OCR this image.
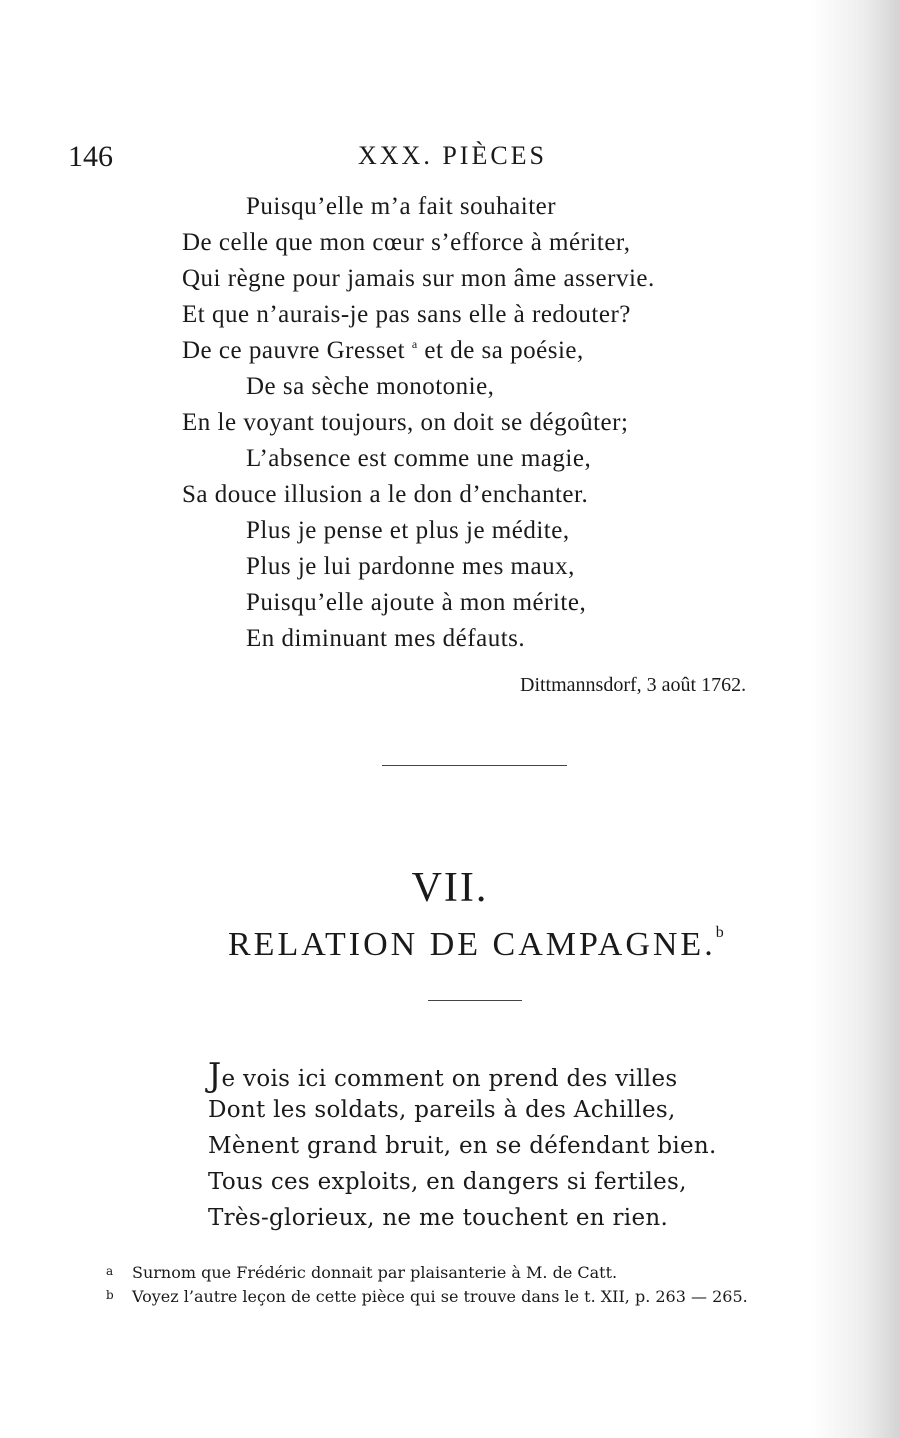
146	XXX. PIÈCES
Puisqu’elle m’a fait souhaiter
De celle que mon cœur s’efforce à mériter,
Qui règne pour jamais sur mon âme asservie.
Et que n’aurais-je pas sans elle à redouter?
De ce pauvre Gresset $^a$ et de sa poésie,
De sa sèche monotonie,
En le voyant toujours, on doit se dégoûter;
L’absence est comme une magie,
Sa douce illusion a le don d’enchanter.
Plus je pense et plus je médite,
Plus je lui pardonne mes maux,
Puisqu’elle ajoute à mon mérite,
En diminuant mes défauts.
Dittmannsdorf, 3 août 1762.
VII.
RELATION DE CAMPAGNE.$^b$
Je vois ici comment on prend des villes
Dont les soldats, pareils à des Achilles,
Mènent grand bruit, en se défendant bien.
Tous ces exploits, en dangers si fertiles,
Très-glorieux, ne me touchent en rien.
a Surnom que Frédéric donnait par plaisanterie à M. de Catt.
b Voyez l’autre leçon de cette pièce qui se trouve dans le t. XII, p. 263 — 265.
